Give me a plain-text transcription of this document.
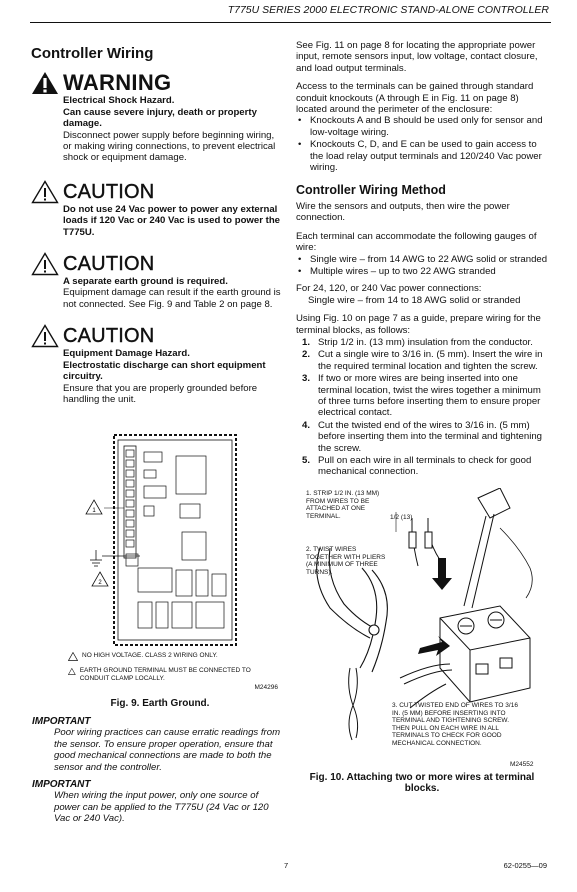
T775U SERIES 2000 ELECTRONIC STAND-ALONE CONTROLLER
Controller Wiring
WARNING
Electrical Shock Hazard.
Can cause severe injury, death or property damage.
Disconnect power supply before beginning wiring, or making wiring connections, to prevent electrical shock or equipment damage.
CAUTION
Do not use 24 Vac power to power any external loads if 120 Vac or 240 Vac is used to power the T775U.
CAUTION
A separate earth ground is required.
Equipment damage can result if the earth ground is not connected. See Fig. 9 and Table 2 on page 8.
CAUTION
Equipment Damage Hazard.
Electrostatic discharge can short equipment circuitry.
Ensure that you are properly grounded before handling the unit.
1
2
NO HIGH VOLTAGE. CLASS 2 WIRING ONLY.
EARTH GROUND TERMINAL MUST BE CONNECTED TO CONDUIT CLAMP LOCALLY.
M24296
Fig. 9. Earth Ground.
IMPORTANT
Poor wiring practices can cause erratic readings from the sensor. To ensure proper operation, ensure that good mechanical connections are made to both the sensor and the controller.
IMPORTANT
When wiring the input power, only one source of power can be applied to the T775U (24 Vac or 120 Vac or 240 Vac).

See Fig. 11 on page 8 for locating the appropriate power input, remote sensors input, low voltage, contact closure, and load output terminals.

Access to the terminals can be gained through standard conduit knockouts (A through E in Fig. 11 on page 8) located around the perimeter of the enclosure:

• Knockouts A and B should be used only for sensor and low-voltage wiring.
• Knockouts C, D, and E can be used to gain access to the load relay output terminals and 120/240 Vac power wiring.
Controller Wiring Method

Wire the sensors and outputs, then wire the power connection.

Each terminal can accommodate the following gauges of wire:

• Single wire – from 14 AWG to 22 AWG solid or stranded
• Multiple wires – up to two 22 AWG stranded
For 24, 120, or 240 Vac power connections:
Single wire – from 14 to 18 AWG solid or stranded

Using Fig. 10 on page 7 as a guide, prepare wiring for the terminal blocks, as follows:

1. Strip 1/2 in. (13 mm) insulation from the conductor.
2. Cut a single wire to 3/16 in. (5 mm). Insert the wire in the required terminal location and tighten the screw.
3. If two or more wires are being inserted into one terminal location, twist the wires together a minimum of three turns before inserting them to ensure proper electrical contact.
4. Cut the twisted end of the wires to 3/16 in. (5 mm) before inserting them into the terminal and tightening the screw.
5. Pull on each wire in all terminals to check for good mechanical connection.
1. STRIP 1/2 IN. (13 MM) FROM WIRES TO BE ATTACHED AT ONE TERMINAL.
2. TWIST WIRES TOGETHER WITH PLIERS (A MINIMUM OF THREE TURNS).
1/2 (13)
3. CUT TWISTED END OF WIRES TO 3/16 IN. (5 MM) BEFORE INSERTING INTO TERMINAL AND TIGHTENING SCREW. THEN PULL ON EACH WIRE IN ALL TERMINALS TO CHECK FOR GOOD MECHANICAL CONNECTION.
M24552
Fig. 10. Attaching two or more wires at terminal blocks.
7	62-0255—09
